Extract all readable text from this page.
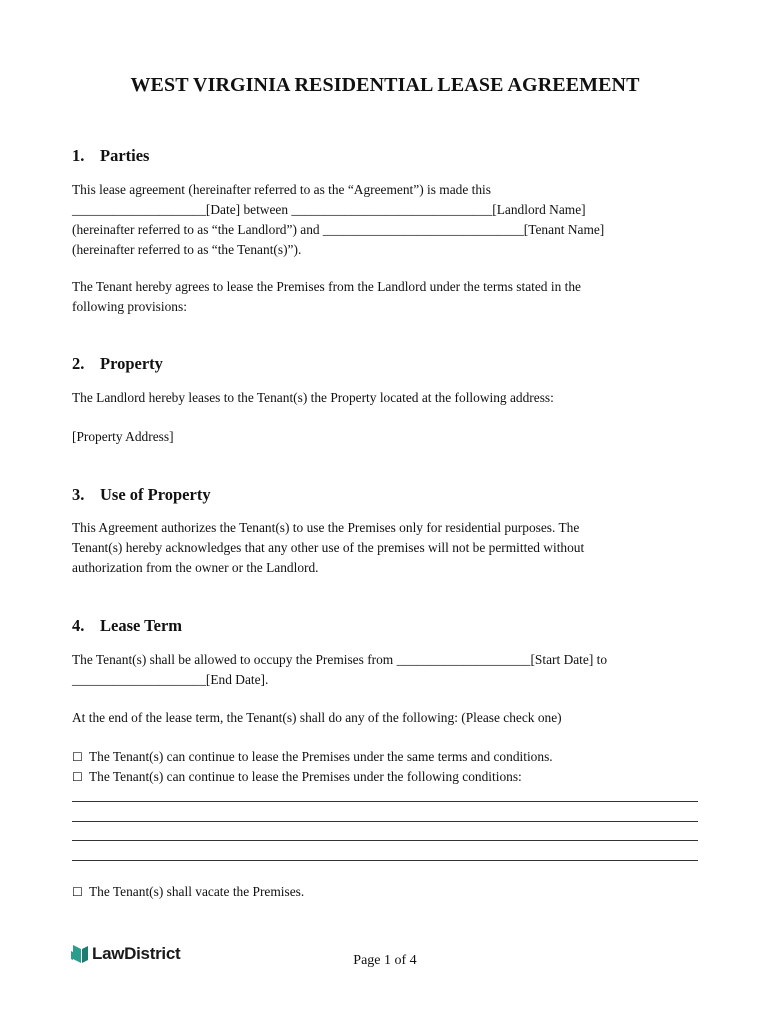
WEST VIRGINIA RESIDENTIAL LEASE AGREEMENT
1. Parties
This lease agreement (hereinafter referred to as the “Agreement”) is made this
____________________[Date] between ______________________________[Landlord Name]
(hereinafter referred to as “the Landlord”) and ______________________________[Tenant Name]
(hereinafter referred to as “the Tenant(s)”).
The Tenant hereby agrees to lease the Premises from the Landlord under the terms stated in the
following provisions:
2. Property
The Landlord hereby leases to the Tenant(s) the Property located at the following address:
[Property Address]
3. Use of Property
This Agreement authorizes the Tenant(s) to use the Premises only for residential purposes. The
Tenant(s) hereby acknowledges that any other use of the premises will not be permitted without
authorization from the owner or the Landlord.
4. Lease Term
The Tenant(s) shall be allowed to occupy the Premises from ____________________[Start Date] to
____________________[End Date].
At the end of the lease term, the Tenant(s) shall do any of the following: (Please check one)
☐ The Tenant(s) can continue to lease the Premises under the same terms and conditions.
☐ The Tenant(s) can continue to lease the Premises under the following conditions:
☐ The Tenant(s) shall vacate the Premises.
LawDistrict	Page 1 of 4
